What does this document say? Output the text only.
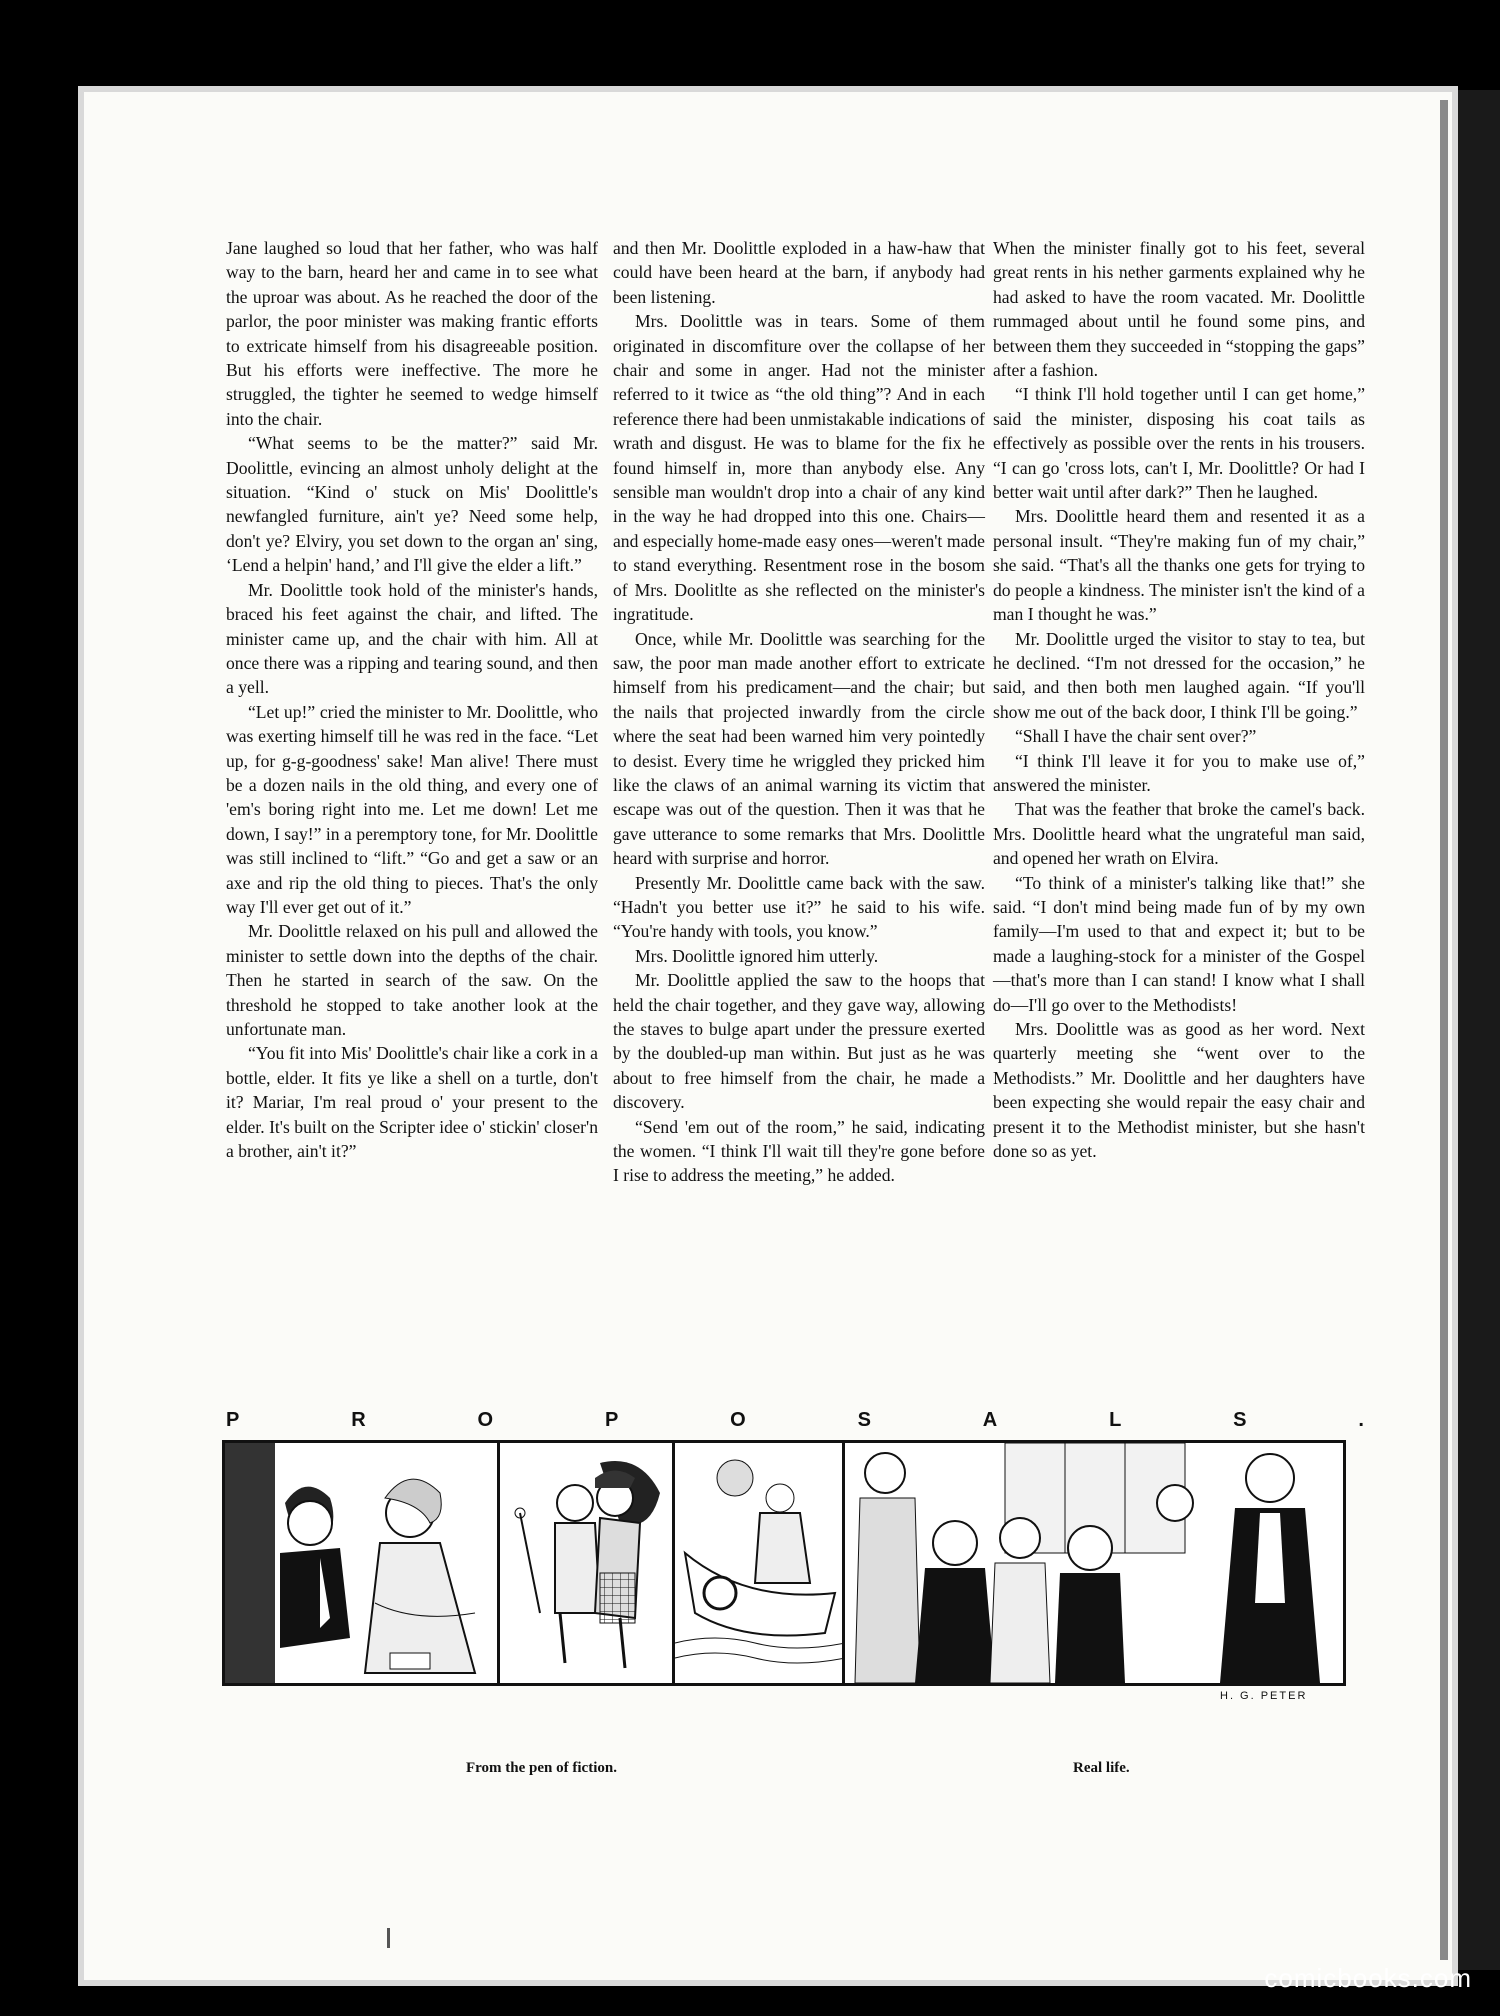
Jane laughed so loud that her father, who was half way to the barn, heard her and came in to see what the uproar was about. As he reached the door of the parlor, the poor minister was making frantic efforts to extricate himself from his disagreeable position. But his efforts were ineffective. The more he struggled, the tighter he seemed to wedge himself into the chair.

“What seems to be the matter?” said Mr. Doolittle, evincing an almost unholy delight at the situation. “Kind o' stuck on Mis' Doolittle's newfangled furniture, ain't ye? Need some help, don't ye? Elviry, you set down to the organ an' sing, ‘Lend a helpin' hand,’ and I'll give the elder a lift.”

Mr. Doolittle took hold of the minister's hands, braced his feet against the chair, and lifted. The minister came up, and the chair with him. All at once there was a ripping and tearing sound, and then a yell.

“Let up!” cried the minister to Mr. Doolittle, who was exerting himself till he was red in the face. “Let up, for g-g-goodness' sake! Man alive! There must be a dozen nails in the old thing, and every one of 'em's boring right into me. Let me down! Let me down, I say!” in a peremptory tone, for Mr. Doolittle was still inclined to “lift.” “Go and get a saw or an axe and rip the old thing to pieces. That's the only way I'll ever get out of it.”

Mr. Doolittle relaxed on his pull and allowed the minister to settle down into the depths of the chair. Then he started in search of the saw. On the threshold he stopped to take another look at the unfortunate man.

“You fit into Mis' Doolittle's chair like a cork in a bottle, elder. It fits ye like a shell on a turtle, don't it? Mariar, I'm real proud o' your present to the elder. It's built on the Scripter idee o' stickin' closer'n a brother, ain't it?”

and then Mr. Doolittle exploded in a haw-haw that could have been heard at the barn, if anybody had been listening.

Mrs. Doolittle was in tears. Some of them originated in discomfiture over the collapse of her chair and some in anger. Had not the minister referred to it twice as “the old thing”? And in each reference there had been unmistakable indications of wrath and disgust. He was to blame for the fix he found himself in, more than anybody else. Any sensible man wouldn't drop into a chair of any kind in the way he had dropped into this one. Chairs—and especially home-made easy ones—weren't made to stand everything. Resentment rose in the bosom of Mrs. Doolitlte as she reflected on the minister's ingratitude.

Once, while Mr. Doolittle was searching for the saw, the poor man made another effort to extricate himself from his predicament—and the chair; but the nails that projected inwardly from the circle where the seat had been warned him very pointedly to desist. Every time he wriggled they pricked him like the claws of an animal warning its victim that escape was out of the question. Then it was that he gave utterance to some remarks that Mrs. Doolittle heard with surprise and horror.

Presently Mr. Doolittle came back with the saw. “Hadn't you better use it?” he said to his wife. “You're handy with tools, you know.”

Mrs. Doolittle ignored him utterly.

Mr. Doolittle applied the saw to the hoops that held the chair together, and they gave way, allowing the staves to bulge apart under the pressure exerted by the doubled-up man within. But just as he was about to free himself from the chair, he made a discovery.

“Send 'em out of the room,” he said, indicating the women. “I think I'll wait till they're gone before I rise to address the meeting,” he added.

When the minister finally got to his feet, several great rents in his nether garments explained why he had asked to have the room vacated. Mr. Doolittle rummaged about until he found some pins, and between them they succeeded in “stopping the gaps” after a fashion.

“I think I'll hold together until I can get home,” said the minister, disposing his coat tails as effectively as possible over the rents in his trousers. “I can go 'cross lots, can't I, Mr. Doolittle? Or had I better wait until after dark?” Then he laughed.

Mrs. Doolittle heard them and resented it as a personal insult. “They're making fun of my chair,” she said. “That's all the thanks one gets for trying to do people a kindness. The minister isn't the kind of a man I thought he was.”

Mr. Doolittle urged the visitor to stay to tea, but he declined. “I'm not dressed for the occasion,” he said, and then both men laughed again. “If you'll show me out of the back door, I think I'll be going.”

“Shall I have the chair sent over?”

“I think I'll leave it for you to make use of,” answered the minister.

That was the feather that broke the camel's back. Mrs. Doolittle heard what the ungrateful man said, and opened her wrath on Elvira.

“To think of a minister's talking like that!” she said. “I don't mind being made fun of by my own family—I'm used to that and expect it; but to be made a laughing-stock for a minister of the Gospel—that's more than I can stand! I know what I shall do—I'll go over to the Methodists!

Mrs. Doolittle was as good as her word. Next quarterly meeting she “went over to the Methodists.” Mr. Doolittle and her daughters have been expecting she would repair the easy chair and present it to the Methodist minister, but she hasn't done so as yet.

P	R	O	P	O	S	A	L	S	.
H. G. PETER
From the pen of fiction.	Real life.
comicbooks.com
